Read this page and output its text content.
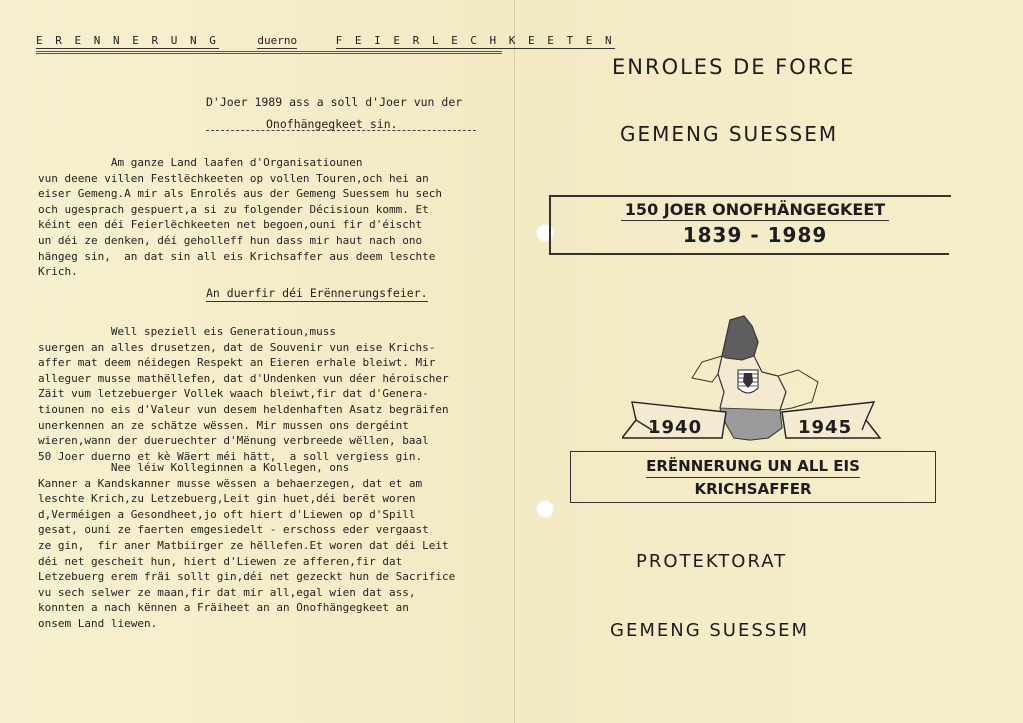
E R E N N E R U N G	duerno	F E I E R L E C H K E E T E N
D'Joer 1989 ass a soll d'Joer vun der
Onofhängegkeet sin.
Am ganze Land laafen d'Organisatiounen
vun deene villen Festlëchkeeten op vollen Touren,och hei an
eiser Gemeng.A mir als Enrolés aus der Gemeng Suessem hu sech
och ugesprach gespuert,a si zu folgender Décisioun komm. Et
kéint een déi Feierlëchkeeten net begoen,ouni fir d'éischt
un déi ze denken, déi geholleff hun dass mir haut nach ono
hängeg sin,  an dat sin all eis Krichsaffer aus deem leschte
Krich.
An duerfir déi Erënnerungsfeier.
Well speziell eis Generatioun,muss
suergen an alles drusetzen, dat de Souvenir vun eise Krichs-
affer mat deem néidegen Respekt an Eieren erhale bleiwt. Mir
alleguer musse mathëllefen, dat d'Undenken vun déer héroischer
Zäit vum letzebuerger Vollek waach bleiwt,fir dat d'Genera-
tiounen no eis d'Valeur vun desem heldenhaften Asatz begräifen
unerkennen an ze schätze wëssen. Mir mussen ons dergéint
wieren,wann der dueruechter d'Mënung verbreede wëllen, baal
50 Joer duerno et kè Wäert méi hätt,  a soll vergiess gin.
Nee léiw Kolleginnen a Kollegen, ons
Kanner a Kandskanner musse wëssen a behaerzegen, dat et am
leschte Krich,zu Letzebuerg,Leit gin huet,déi berët woren
d,Verméigen a Gesondheet,jo oft hiert d'Liewen op d'Spill
gesat, ouni ze faerten emgesiedelt - erschoss eder vergaast
ze gin,  fir aner Matbiirger ze hëllefen.Et woren dat déi Leit
déi net gescheit hun, hiert d'Liewen ze afferen,fir dat
Letzebuerg erem fräi sollt gin,déi net gezeckt hun de Sacrifice
vu sech selwer ze maan,fir dat mir all,egal wien dat ass,
konnten a nach kënnen a Fräiheet an an Onofhängegkeet an
onsem Land liewen.
ENROLES DE FORCE
GEMENG SUESSEM
150 JOER ONOFHÄNGEGKEET
1839 - 1989
1940	1945
ERËNNERUNG UN ALL EIS
KRICHSAFFER
PROTEKTORAT
GEMENG SUESSEM
